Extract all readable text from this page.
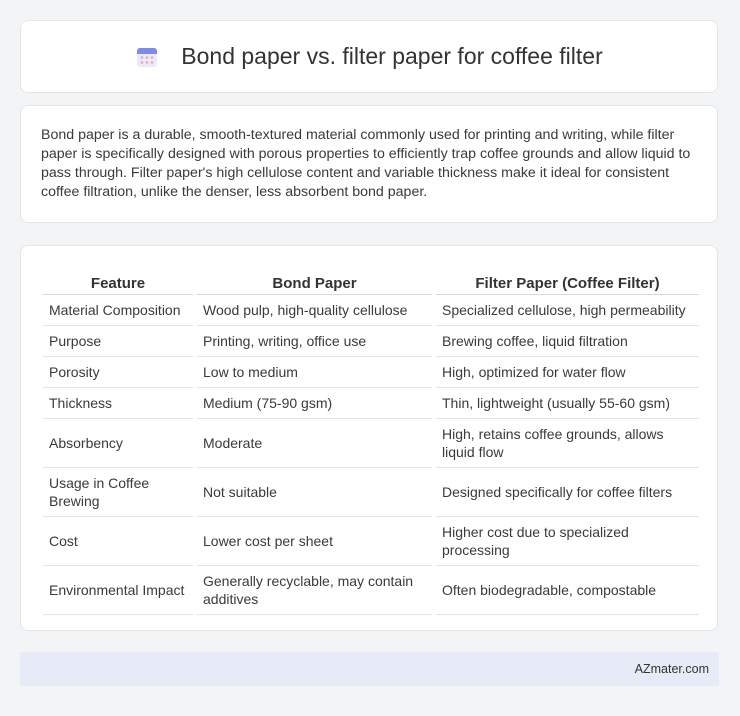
Bond paper vs. filter paper for coffee filter

Bond paper is a durable, smooth-textured material commonly used for printing and writing, while filter paper is specifically designed with porous properties to efficiently trap coffee grounds and allow liquid to pass through. Filter paper's high cellulose content and variable thickness make it ideal for consistent coffee filtration, unlike the denser, less absorbent bond paper.

Feature	Bond Paper	Filter Paper (Coffee Filter)
Material Composition	Wood pulp, high-quality cellulose	Specialized cellulose, high permeability
Purpose	Printing, writing, office use	Brewing coffee, liquid filtration
Porosity	Low to medium	High, optimized for water flow
Thickness	Medium (75-90 gsm)	Thin, lightweight (usually 55-60 gsm)
Absorbency	Moderate	High, retains coffee grounds, allows liquid flow
Usage in Coffee Brewing	Not suitable	Designed specifically for coffee filters
Cost	Lower cost per sheet	Higher cost due to specialized processing
Environmental Impact	Generally recyclable, may contain additives	Often biodegradable, compostable
AZmater.com
